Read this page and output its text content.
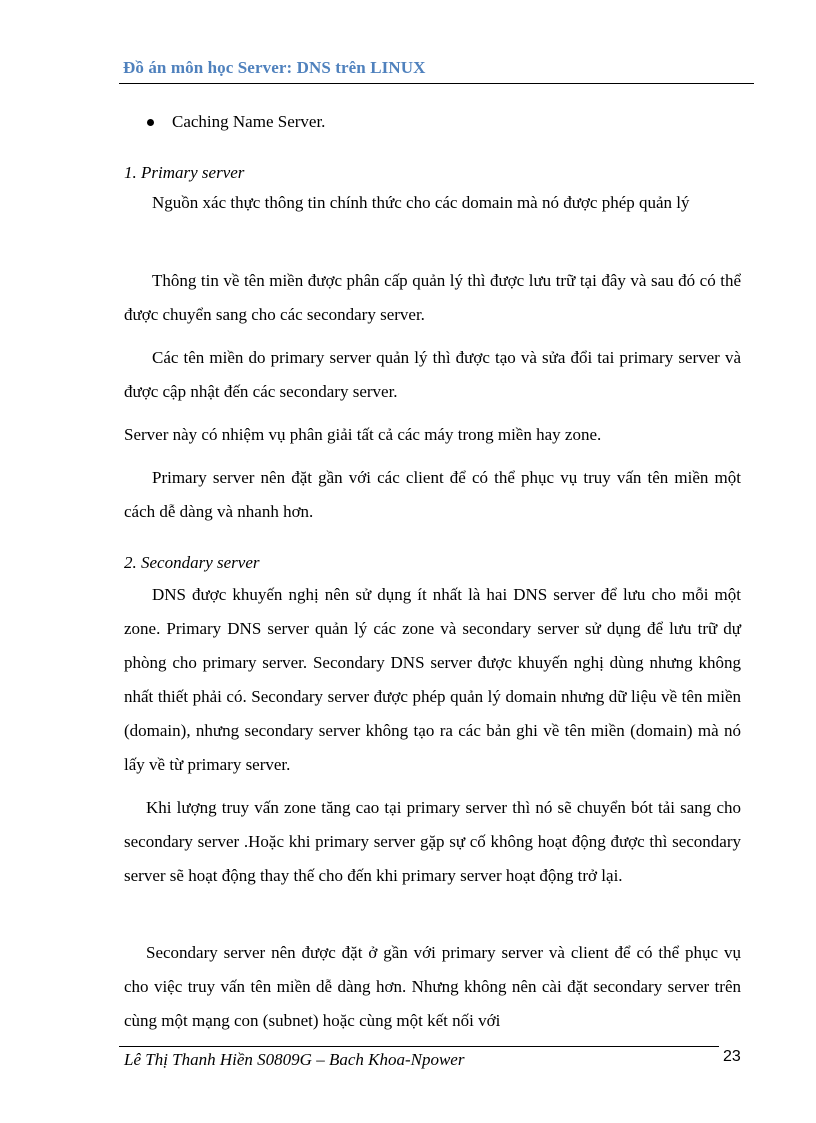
Đồ án môn học Server: DNS trên LINUX
Caching Name Server.
1. Primary server

Nguồn xác thực thông tin chính thức cho các domain mà nó được phép quản lý

Thông tin về tên miền được phân cấp quản lý thì được lưu trữ tại đây và sau đó có thể được chuyển sang cho các secondary server.

Các tên miền do primary server quản lý thì được tạo và sửa đổi tai primary server và được cập nhật đến các secondary server.

Server này có nhiệm vụ phân giải tất cả các máy trong miền hay zone.

Primary server nên đặt gần với các client để có thể phục vụ truy vấn tên miền một cách dễ dàng và nhanh hơn.

2. Secondary server

DNS được khuyến nghị nên sử dụng ít nhất là hai DNS server để lưu cho mỗi một zone. Primary DNS server quản lý các zone và secondary server sử dụng để lưu trữ dự phòng cho primary server. Secondary DNS server được khuyến nghị dùng nhưng không nhất thiết phải có. Secondary server được phép quản lý domain nhưng dữ liệu về tên miền (domain), nhưng secondary server không tạo ra các bản ghi về tên miền (domain) mà nó lấy về từ primary server.

Khi lượng truy vấn zone tăng cao tại primary server thì nó sẽ chuyển bót tải sang cho secondary server .Hoặc khi primary server gặp sự cố không hoạt động được thì secondary server sẽ hoạt động thay thế cho đến khi primary server hoạt động trở lại.

Secondary server nên được đặt ở gần với primary server và client để có thể phục vụ cho việc truy vấn tên miền dễ dàng hơn. Nhưng không nên cài đặt secondary server trên cùng một mạng con (subnet) hoặc cùng một kết nối với

Lê Thị Thanh Hiền S0809G – Bach Khoa-Npower	23
